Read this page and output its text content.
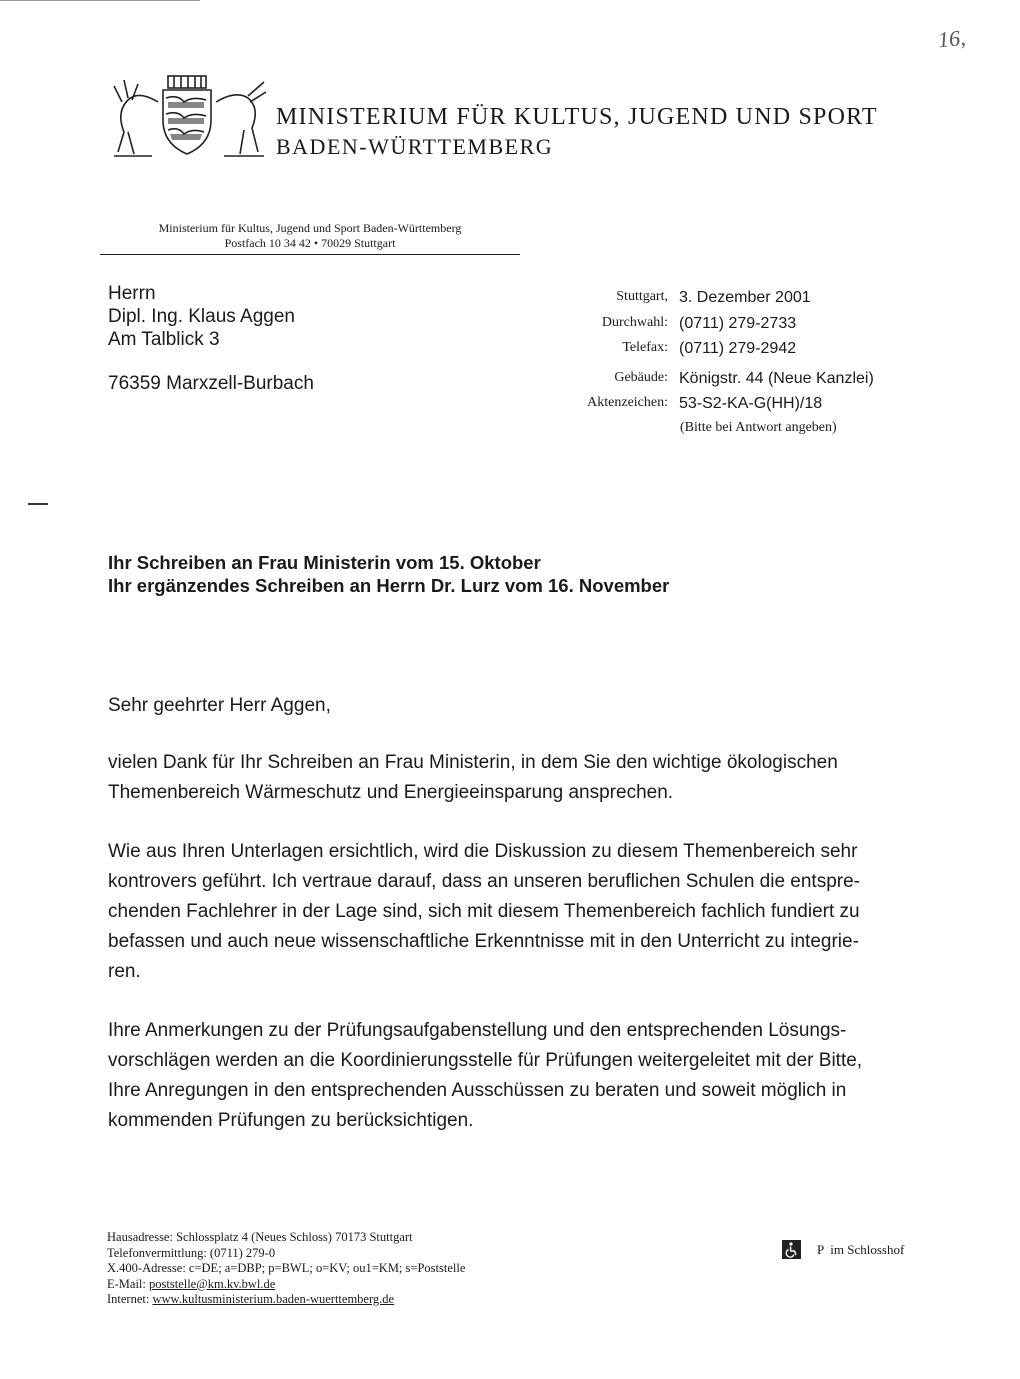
16,
MINISTERIUM FÜR KULTUS, JUGEND UND SPORT
BADEN-WÜRTTEMBERG
Ministerium für Kultus, Jugend und Sport Baden-Württemberg
Postfach 10 34 42 • 70029 Stuttgart
Herrn
Dipl. Ing. Klaus Aggen
Am Talblick 3
76359 Marxzell-Burbach
Stuttgart, 3. Dezember 2001
Durchwahl: (0711) 279-2733
Telefax: (0711) 279-2942
Gebäude: Königstr. 44 (Neue Kanzlei)
Aktenzeichen: 53-S2-KA-G(HH)/18
(Bitte bei Antwort angeben)
Ihr Schreiben an Frau Ministerin vom 15. Oktober
Ihr ergänzendes Schreiben an Herrn Dr. Lurz vom 16. November
Sehr geehrter Herr Aggen,
vielen Dank für Ihr Schreiben an Frau Ministerin, in dem Sie den wichtige ökologischen
Themenbereich Wärmeschutz und Energieeinsparung ansprechen.
Wie aus Ihren Unterlagen ersichtlich, wird die Diskussion zu diesem Themenbereich sehr
kontrovers geführt. Ich vertraue darauf, dass an unseren beruflichen Schulen die entspre-
chenden Fachlehrer in der Lage sind, sich mit diesem Themenbereich fachlich fundiert zu
befassen und auch neue wissenschaftliche Erkenntnisse mit in den Unterricht zu integrie-
ren.
Ihre Anmerkungen zu der Prüfungsaufgabenstellung und den entsprechenden Lösungs-
vorschlägen werden an die Koordinierungsstelle für Prüfungen weitergeleitet mit der Bitte,
Ihre Anregungen in den entsprechenden Ausschüssen zu beraten und soweit möglich in
kommenden Prüfungen zu berücksichtigen.
Hausadresse: Schlossplatz 4 (Neues Schloss) 70173 Stuttgart
Telefonvermittlung: (0711) 279-0
X.400-Adresse: c=DE; a=DBP; p=BWL; o=KV; ou1=KM; s=Poststelle
E-Mail: poststelle@km.kv.bwl.de
Internet: www.kultusministerium.baden-wuerttemberg.de
P  im Schlosshof
